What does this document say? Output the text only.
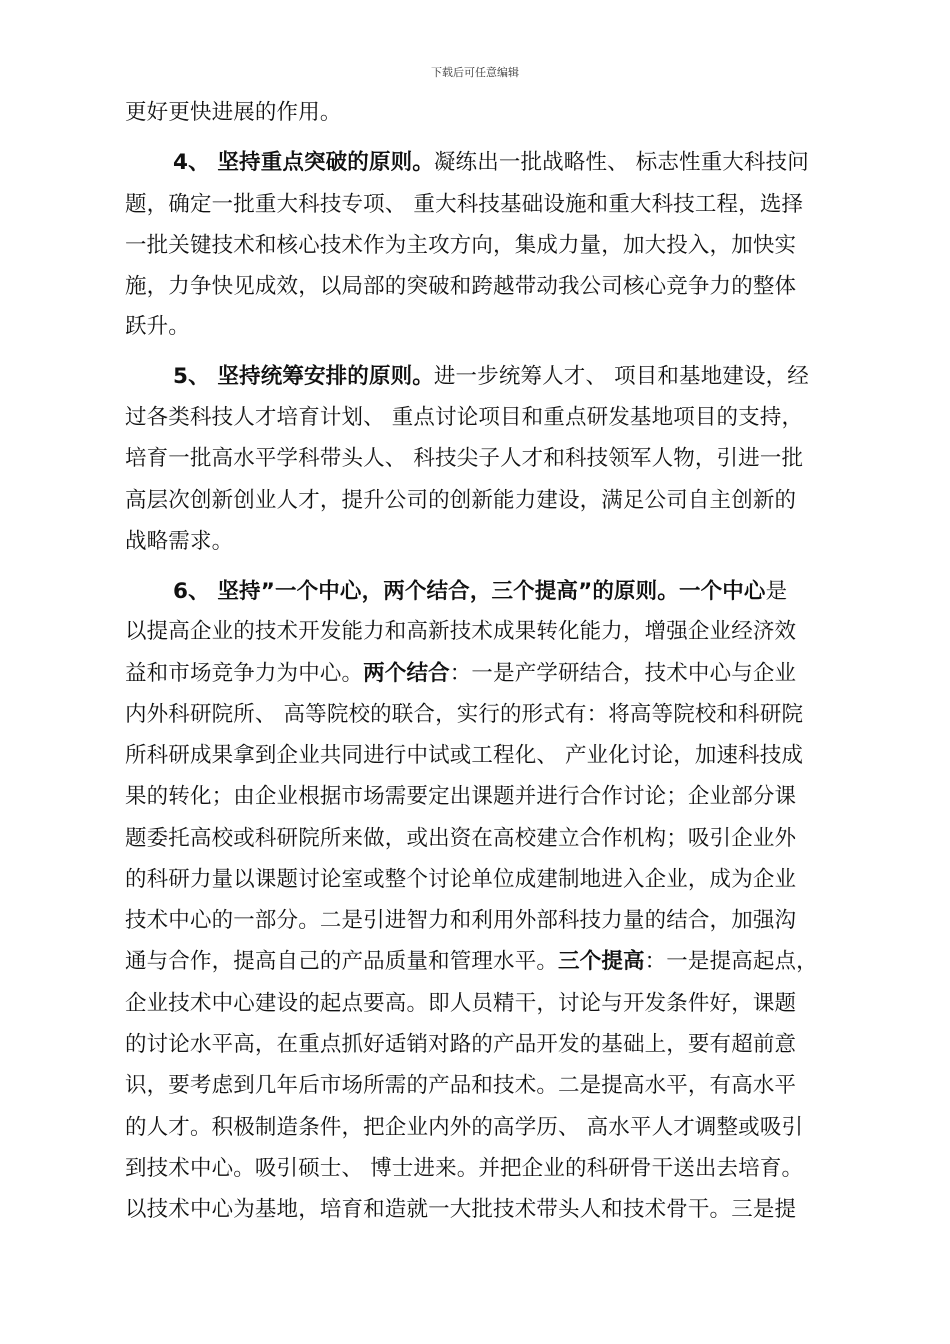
下载后可任意编辑
更好更快进展的作用。
4、 坚持重点突破的原则。凝练出一批战略性、 标志性重大科技问
题，确定一批重大科技专项、 重大科技基础设施和重大科技工程，选择
一批关键技术和核心技术作为主攻方向，集成力量，加大投入，加快实
施，力争快见成效，以局部的突破和跨越带动我公司核心竞争力的整体
跃升。
5、 坚持统筹安排的原则。进一步统筹人才、 项目和基地建设，经
过各类科技人才培育计划、 重点讨论项目和重点研发基地项目的支持，
培育一批高水平学科带头人、 科技尖子人才和科技领军人物，引进一批
高层次创新创业人才，提升公司的创新能力建设，满足公司自主创新的
战略需求。
6、 坚持”一个中心，两个结合，三个提高”的原则。一个中心是
以提高企业的技术开发能力和高新技术成果转化能力，增强企业经济效
益和市场竞争力为中心。两个结合：一是产学研结合，技术中心与企业
内外科研院所、 高等院校的联合，实行的形式有：将高等院校和科研院
所科研成果拿到企业共同进行中试或工程化、 产业化讨论，加速科技成
果的转化；由企业根据市场需要定出课题并进行合作讨论；企业部分课
题委托高校或科研院所来做，或出资在高校建立合作机构；吸引企业外
的科研力量以课题讨论室或整个讨论单位成建制地进入企业，成为企业
技术中心的一部分。二是引进智力和利用外部科技力量的结合，加强沟
通与合作，提高自己的产品质量和管理水平。三个提高：一是提高起点，
企业技术中心建设的起点要高。即人员精干，讨论与开发条件好，课题
的讨论水平高，在重点抓好适销对路的产品开发的基础上，要有超前意
识，要考虑到几年后市场所需的产品和技术。二是提高水平，有高水平
的人才。积极制造条件，把企业内外的高学历、 高水平人才调整或吸引
到技术中心。吸引硕士、 博士进来。并把企业的科研骨干送出去培育。
以技术中心为基地，培育和造就一大批技术带头人和技术骨干。三是提
